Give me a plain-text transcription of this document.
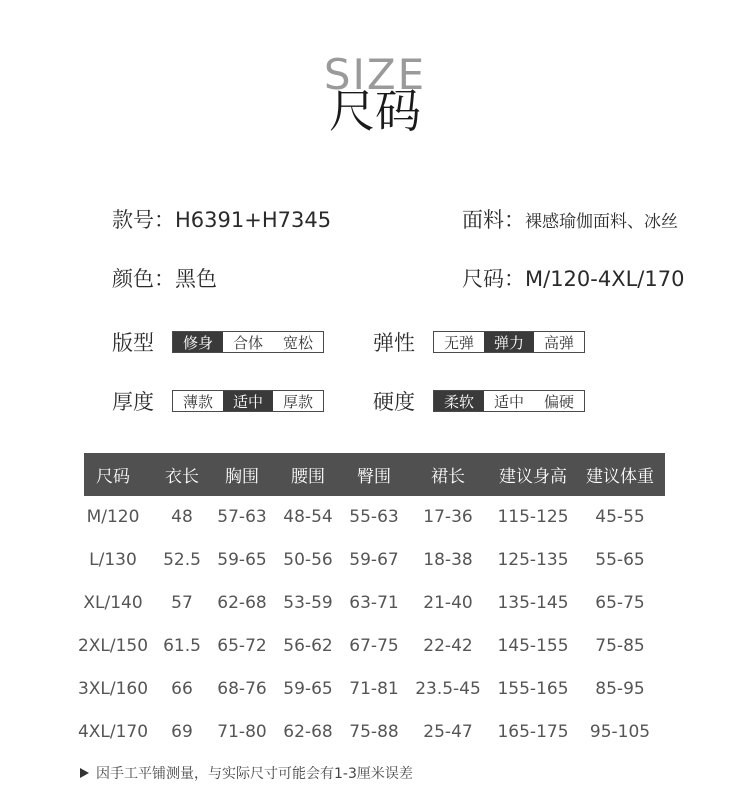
SIZE
尺码
款号：H6391+H7345	面料：裸感瑜伽面料、冰丝
颜色：黑色	尺码：M/120-4XL/170
版型	修身	合体	宽松	弹性	无弹	弹力	高弹
厚度	薄款	适中	厚款	硬度	柔软	适中	偏硬
尺码	衣长	胸围	腰围	臀围	裙长	建议身高	建议体重
M/120	48	57-63 48-54 55-63	17-36	115-125	45-55
L/130	52.5 59-65 50-56 59-67	18-38	125-135	55-65
XL/140	57	62-68 53-59 63-71	21-40	135-145	65-75
2XL/150 61.5 65-72 56-62 67-75	22-42	145-155	75-85
3XL/160	66	68-76 59-65 71-81 23.5-45 155-165	85-95
4XL/170	69	71-80 62-68 75-88	25-47	165-175	95-105
因手工平铺测量，与实际尺寸可能会有1-3厘米误差
